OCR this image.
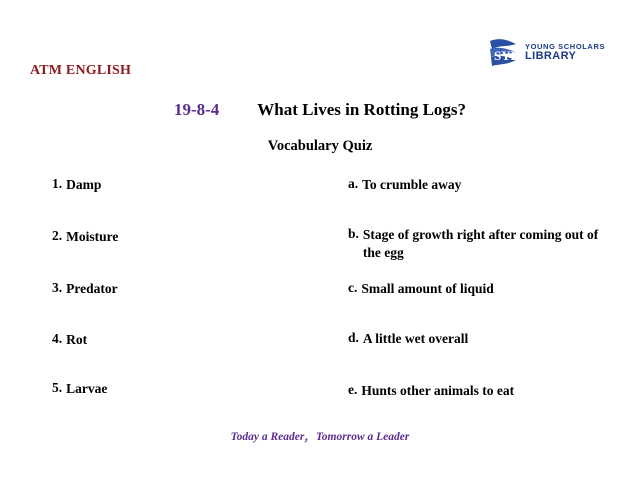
SYL
YOUNG SCHOLARS
LIBRARY
ATM ENGLISH
19-8-4 What Lives in Rotting Logs?
Vocabulary Quiz
1. Damp
2. Moisture
3. Predator
4. Rot
5. Larvae
a. To crumble away
b. Stage of growth right after coming out of the egg
c. Small amount of liquid
d. A little wet overall
e. Hunts other animals to eat
Today a Reader，Tomorrow a Leader
